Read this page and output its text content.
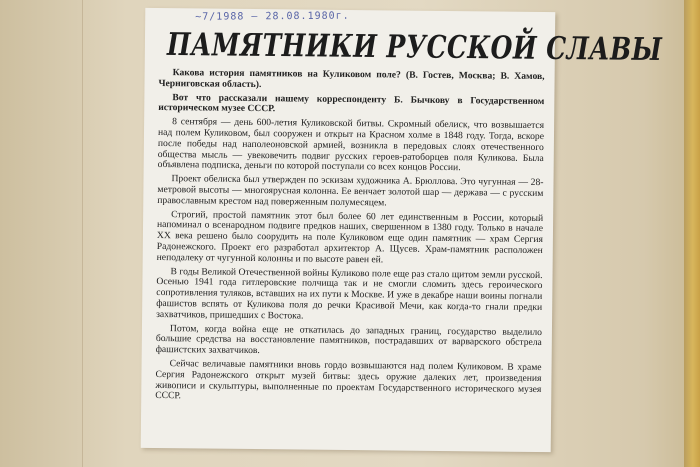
~7/1988 – 28.08.1980г.
ПАМЯТНИКИ РУССКОЙ СЛАВЫ

Какова история памятников на Куликовом поле? (В. Гостев, Москва; В. Хамов, Черниговская область).

Вот что рассказали нашему корреспонденту Б. Бычкову в Государственном историческом музее СССР.

8 сентября — день 600-летия Куликовской битвы. Скромный обелиск, что возвышается над полем Куликовом, был сооружен и открыт на Красном холме в 1848 году. Тогда, вскоре после победы над наполеоновской армией, возникла в передовых слоях отечественного общества мысль — увековечить подвиг русских героев-ратоборцев поля Куликова. Была объявлена подписка, деньги по которой поступали со всех концов России.

Проект обелиска был утвержден по эскизам художника А. Брюллова. Это чугунная — 28-метровой высоты — многоярусная колонна. Ее венчает золотой шар — держава — с русским православным крестом над поверженным полумесяцем.

Строгий, простой памятник этот был более 60 лет единственным в России, который напоминал о всенародном подвиге предков наших, свершенном в 1380 году. Только в начале XX века решено было соорудить на поле Куликовом еще один памятник — храм Сергия Радонежского. Проект его разработал архитектор А. Щусев. Храм-памятник расположен неподалеку от чугунной колонны и по высоте равен ей.

В годы Великой Отечественной войны Куликово поле еще раз стало щитом земли русской. Осенью 1941 года гитлеровские полчища так и не смогли сломить здесь героического сопротивления туляков, вставших на их пути к Москве. И уже в декабре наши воины погнали фашистов вспять от Куликова поля до речки Красивой Мечи, как когда-то гнали предки захватчиков, пришедших с Востока.

Потом, когда война еще не откатилась до западных границ, государство выделило большие средства на восстановление памятников, пострадавших от варварского обстрела фашистских захватчиков.

Сейчас величавые памятники вновь гордо возвышаются над полем Куликовом. В храме Сергия Радонежского открыт музей битвы: здесь оружие далеких лет, произведения живописи и скульптуры, выполненные по проектам Государственного исторического музея СССР.
